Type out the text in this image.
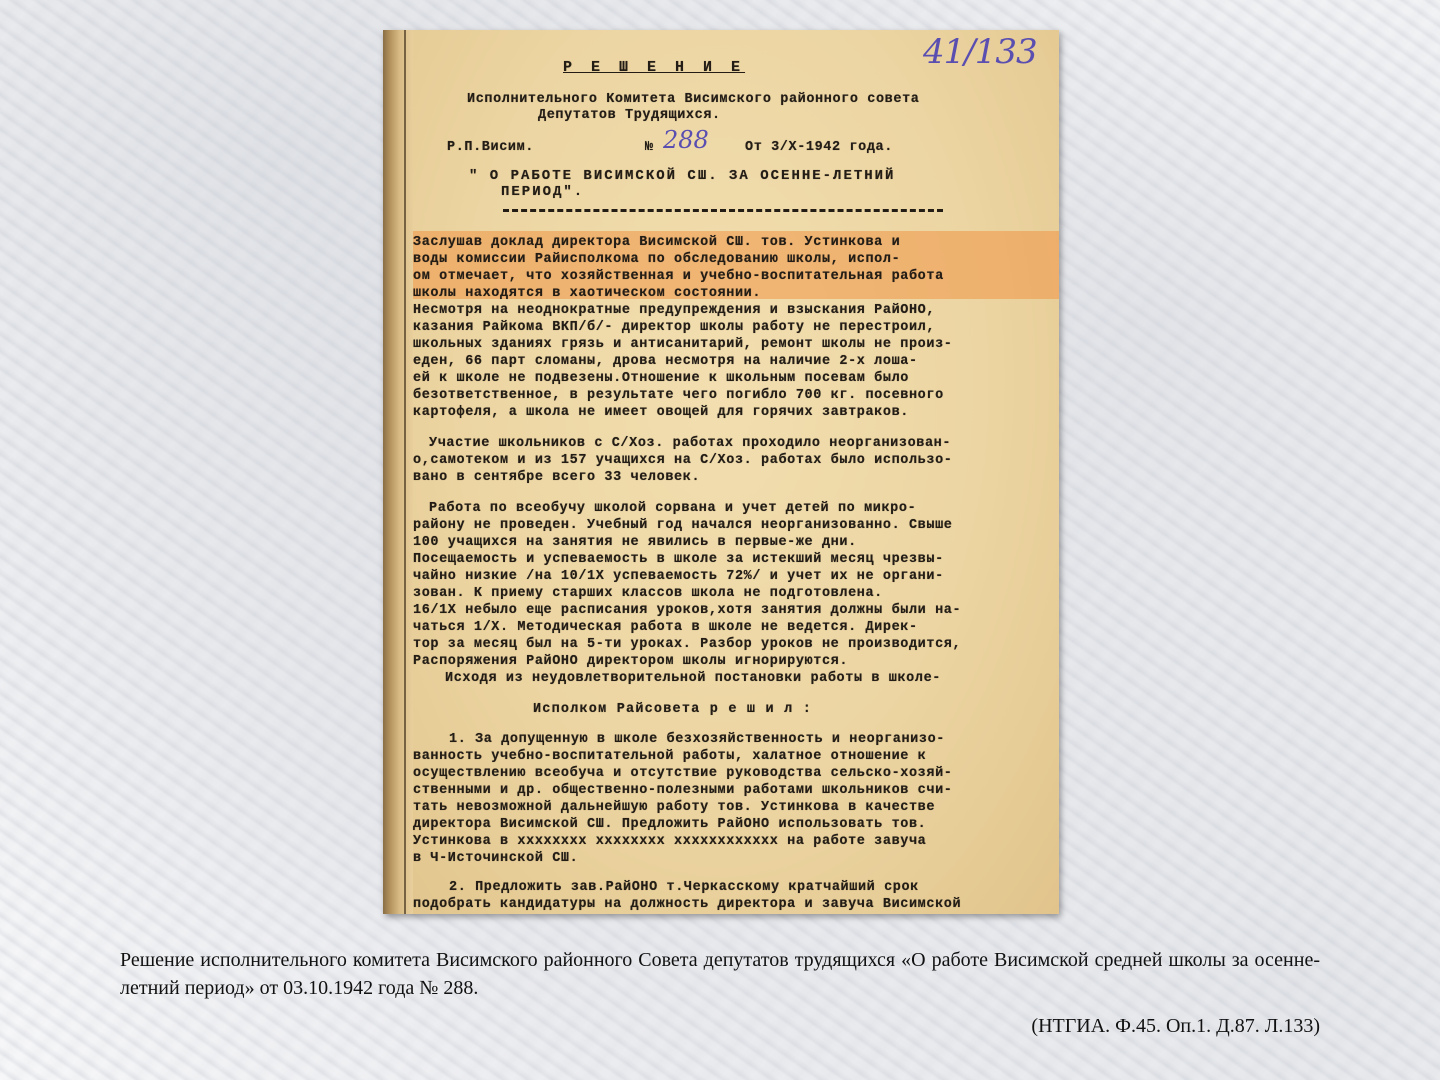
41/133
Р Е Ш Е Н И Е
Исполнительного Комитета Висимского районного совета
Депутатов Трудящихся.
Р.П.Висим.	№ 288	От 3/Х-1942 года.
" О РАБОТЕ ВИСИМСКОЙ СШ. ЗА ОСЕННЕ-ЛЕТНИЙ
ПЕРИОД".
Заслушав доклад директора Висимской СШ. тов. Устинкова и
воды комиссии Райисполкома по обследованию школы, испол-
ом отмечает, что хозяйственная и учебно-воспитательная работа
школы находятся в хаотическом состоянии.
Несмотря на неоднократные предупреждения и взыскания РайОНО,
казания Райкома ВКП/б/- директор школы работу не перестроил,
школьных зданиях грязь и антисанитарий, ремонт школы не произ-
еден, 66 парт сломаны, дрова несмотря на наличие 2-х лоша-
ей к школе не подвезены.Отношение к школьным посевам было
безответственное, в результате чего погибло 700 кг. посевного
картофеля, а школа не имеет овощей для горячих завтраков.
Участие школьников с С/Хоз. работах проходило неорганизован-
о,самотеком и из 157 учащихся на С/Хоз. работах было использо-
вано в сентябре всего 33 человек.
Работа по всеобучу школой сорвана и учет детей по микро-
району не проведен. Учебный год начался неорганизованно. Свыше
100 учащихся на занятия не явились в первые-же дни.
Посещаемость и успеваемость в школе за истекший месяц чрезвы-
чайно низкие /на 10/1Х успеваемость 72%/ и учет их не органи-
зован. К приему старших классов школа не подготовлена.
16/1Х небыло еще расписания уроков,хотя занятия должны были на-
чаться 1/Х. Методическая работа в школе не ведется. Дирек-
тор за месяц был на 5-ти уроках. Разбор уроков не производится,
Распоряжения РайОНО директором школы игнорируются.
Исходя из неудовлетворительной постановки работы в школе-
Исполком Райсовета р е ш и л :
1. За допущенную в школе безхозяйственность и неорганизо-
ванность учебно-воспитательной работы, халатное отношение к
осуществлению всеобуча и отсутствие руководства сельско-хозяй-
ственными и др. общественно-полезными работами школьников счи-
тать невозможной дальнейшую работу тов. Устинкова в качестве
директора Висимской СШ. Предложить РайОНО использовать тов.
Устинкова в хххххххх хххххххх хххххххххххх на работе завуча
в Ч-Источинской СШ.
2. Предложить зав.РайОНО т.Черкасскому кратчайший срок
подобрать кандидатуры на должность директора и завуча Висимской
Решение исполнительного комитета Висимского районного Совета депутатов трудящихся «О работе Висимской средней школы за осенне-летний период» от 03.10.1942 года № 288.
(НТГИА. Ф.45. Оп.1. Д.87. Л.133)
